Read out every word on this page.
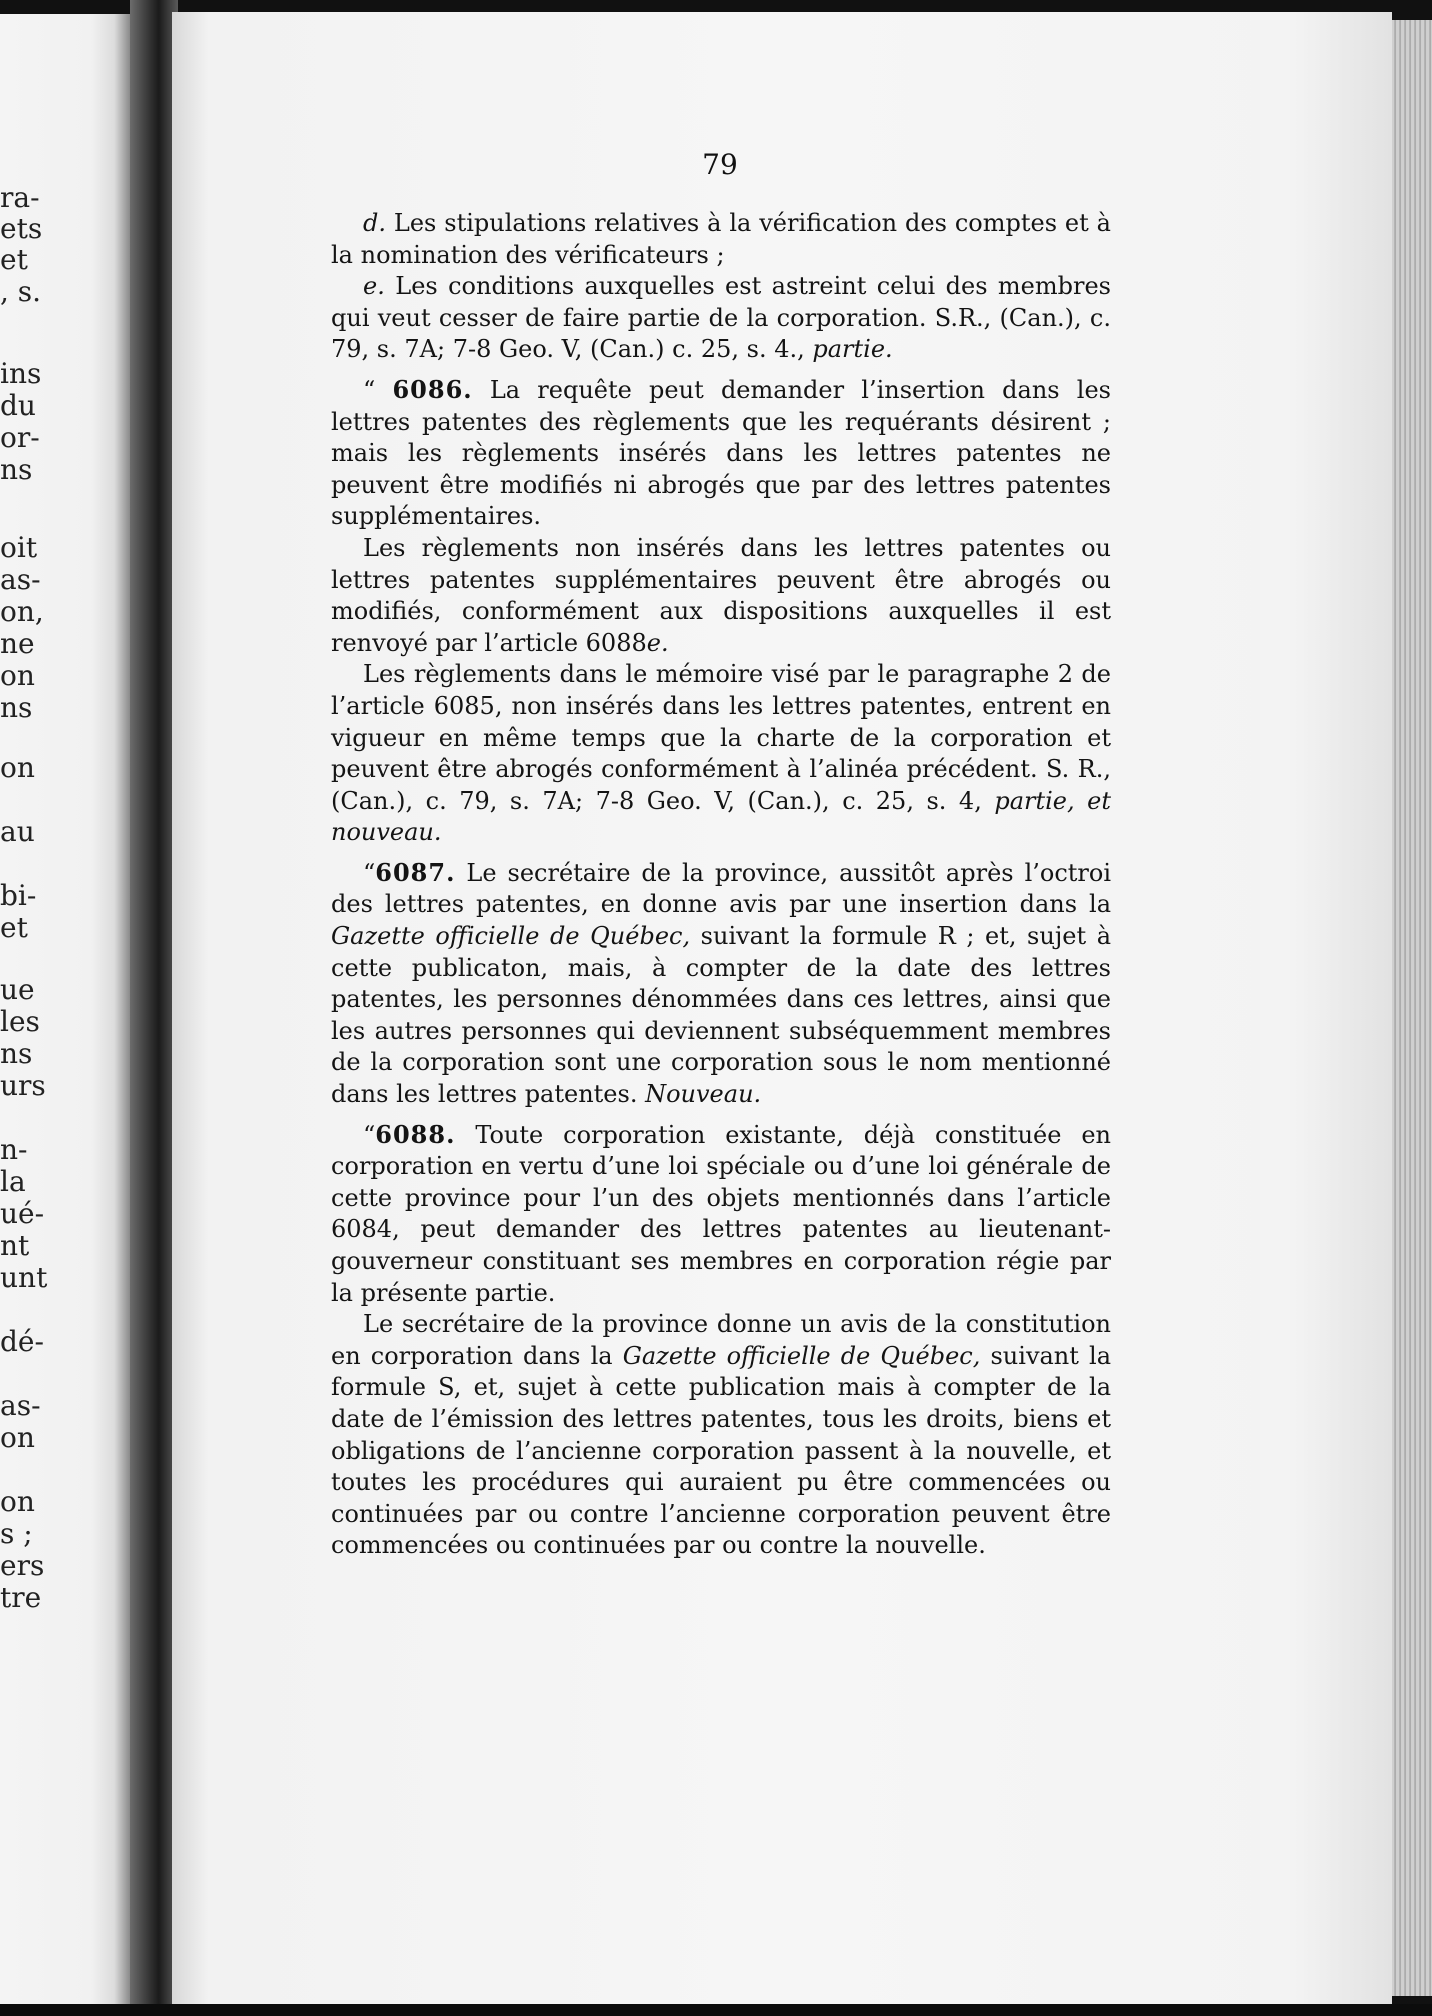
ra-
ets
et
, s.
ins
du
or-
ns
oit
as-
on,
ne
on
ns
on
au
bi-
et
ue
les
ns
urs
n-
la
ué-
nt
unt
dé-
as-
on
on
s ;
ers
tre
79

d. Les stipulations relatives à la vérification des comptes et à la nomination des vérificateurs ;

e. Les conditions auxquelles est astreint celui des membres qui veut cesser de faire partie de la corporation. S.R., (Can.), c. 79, s. 7A; 7-8 Geo. V, (Can.) c. 25, s. 4., partie.

“ 6086. La requête peut demander l’insertion dans les lettres patentes des règlements que les requérants désirent ; mais les règlements insérés dans les lettres patentes ne peuvent être modifiés ni abrogés que par des lettres patentes supplémentaires.

Les règlements non insérés dans les lettres patentes ou lettres patentes supplémentaires peuvent être abrogés ou modifiés, conformément aux dispositions auxquelles il est renvoyé par l’article 6088e.

Les règlements dans le mémoire visé par le paragraphe 2 de l’article 6085, non insérés dans les lettres patentes, entrent en vigueur en même temps que la charte de la corporation et peuvent être abrogés conformément à l’alinéa précédent. S. R., (Can.), c. 79, s. 7A; 7-8 Geo. V, (Can.), c. 25, s. 4, partie, et nouveau.

“6087. Le secrétaire de la province, aussitôt après l’octroi des lettres patentes, en donne avis par une insertion dans la Gazette officielle de Québec, suivant la formule R ; et, sujet à cette publicaton, mais, à compter de la date des lettres patentes, les personnes dénommées dans ces lettres, ainsi que les autres personnes qui deviennent subséquemment membres de la corporation sont une corporation sous le nom mentionné dans les lettres patentes. Nouveau.

“6088. Toute corporation existante, déjà constituée en corporation en vertu d’une loi spéciale ou d’une loi générale de cette province pour l’un des objets mentionnés dans l’article 6084, peut demander des lettres patentes au lieutenant-gouverneur constituant ses membres en corporation régie par la présente partie.

Le secrétaire de la province donne un avis de la constitution en corporation dans la Gazette officielle de Québec, suivant la formule S, et, sujet à cette publication mais à compter de la date de l’émission des lettres patentes, tous les droits, biens et obligations de l’ancienne corporation passent à la nouvelle, et toutes les procédures qui auraient pu être commencées ou continuées par ou contre l’ancienne corporation peuvent être commencées ou continuées par ou contre la nouvelle.
